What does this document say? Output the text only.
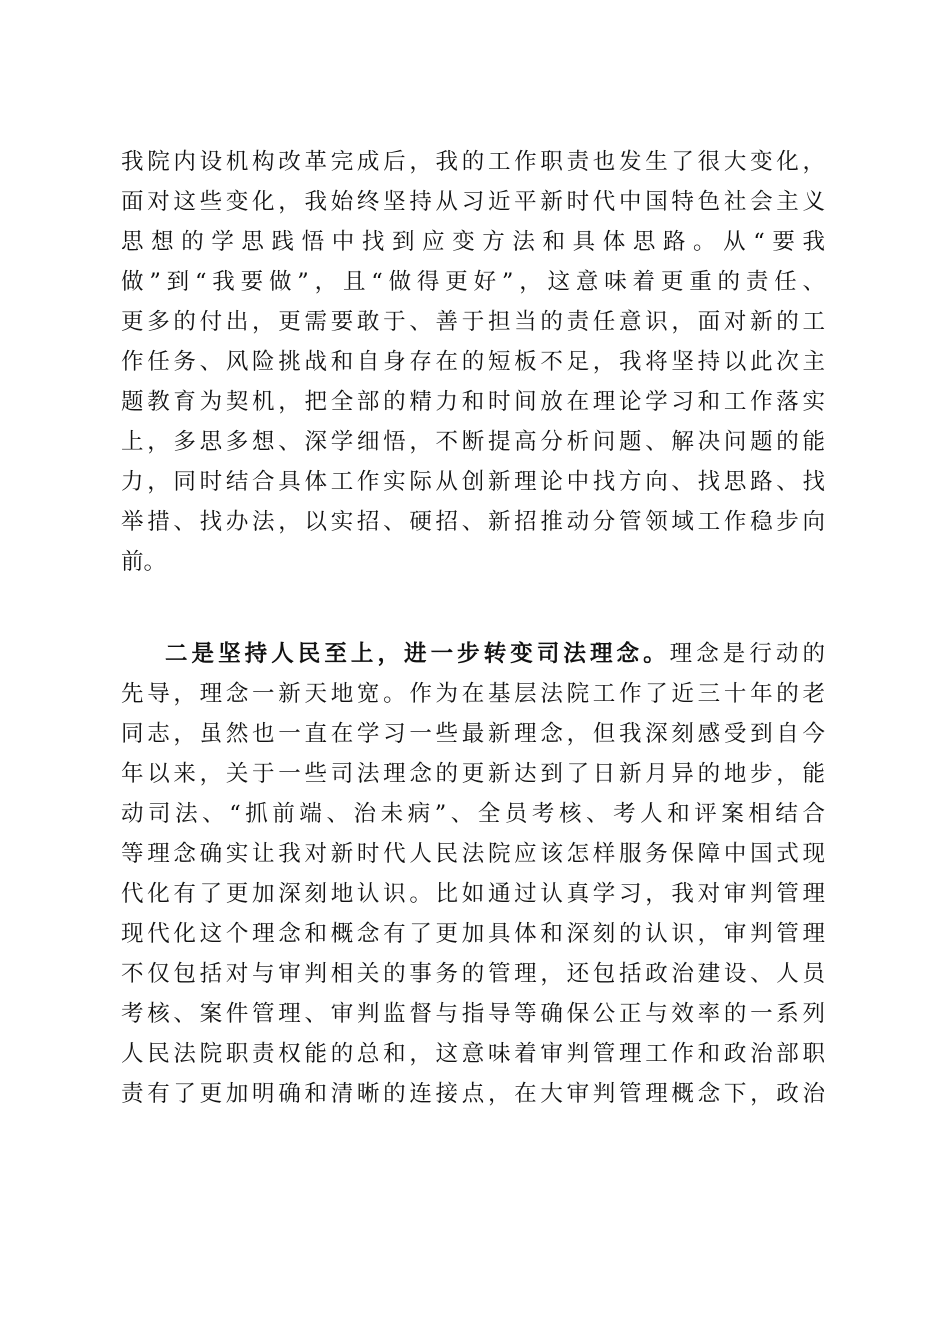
我院内设机构改革完成后，我的工作职责也发生了很大变化，
面对这些变化，我始终坚持从习近平新时代中国特色社会主义
思想的学思践悟中找到应变方法和具体思路。从“要我
做”到“我要做”，且“做得更好”，这意味着更重的责任、
更多的付出，更需要敢于、善于担当的责任意识，面对新的工
作任务、风险挑战和自身存在的短板不足，我将坚持以此次主
题教育为契机，把全部的精力和时间放在理论学习和工作落实
上，多思多想、深学细悟，不断提高分析问题、解决问题的能
力，同时结合具体工作实际从创新理论中找方向、找思路、找
举措、找办法，以实招、硬招、新招推动分管领域工作稳步向
前。
二是坚持人民至上，进一步转变司法理念。理念是行动的
先导，理念一新天地宽。作为在基层法院工作了近三十年的老
同志，虽然也一直在学习一些最新理念，但我深刻感受到自今
年以来，关于一些司法理念的更新达到了日新月异的地步，能
动司法、“抓前端、治未病”、全员考核、考人和评案相结合
等理念确实让我对新时代人民法院应该怎样服务保障中国式现
代化有了更加深刻地认识。比如通过认真学习，我对审判管理
现代化这个理念和概念有了更加具体和深刻的认识，审判管理
不仅包括对与审判相关的事务的管理，还包括政治建设、人员
考核、案件管理、审判监督与指导等确保公正与效率的一系列
人民法院职责权能的总和，这意味着审判管理工作和政治部职
责有了更加明确和清晰的连接点，在大审判管理概念下，政治
